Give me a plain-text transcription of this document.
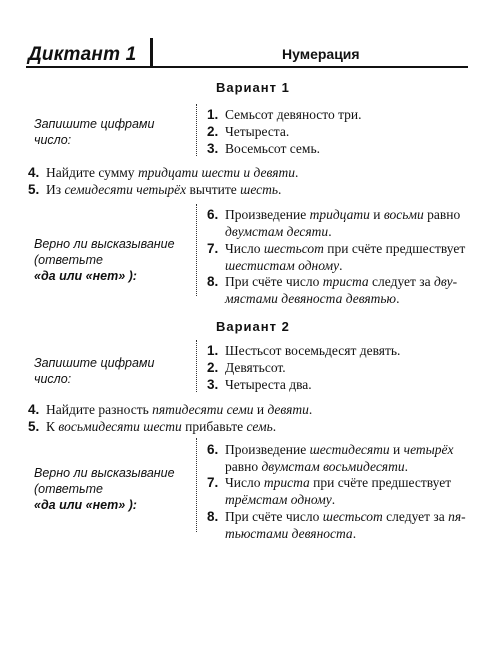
Диктант 1	Нумерация
Вариант 1
Запишите цифрами число:
1. Семьсот девяносто три.
2. Четыреста.
3. Восемьсот семь.
4. Найдите сумму тридцати шести и девяти.
5. Из семидесяти четырёх вычтите шесть.
Верно ли высказывание
(ответьте
«да или «нет» ):
6. Произведение тридцати и восьми равно
двумстам десяти.
7. Число шестьсот при счёте предшествует
шестистам одному.
8. При счёте число триста следует за дву-
мястами девяноста девятью.
Вариант 2
Запишите цифрами число:
1. Шестьсот восемьдесят девять.
2. Девятьсот.
3. Четыреста два.
4. Найдите разность пятидесяти семи и девяти.
5. К восьмидесяти шести прибавьте семь.
Верно ли высказывание
(ответьте
«да или «нет» ):
6. Произведение шестидесяти и четырёх
равно двумстам восьмидесяти.
7. Число триста при счёте предшествует
трёмстам одному.
8. При счёте число шестьсот следует за пя-
тьюстами девяноста.
